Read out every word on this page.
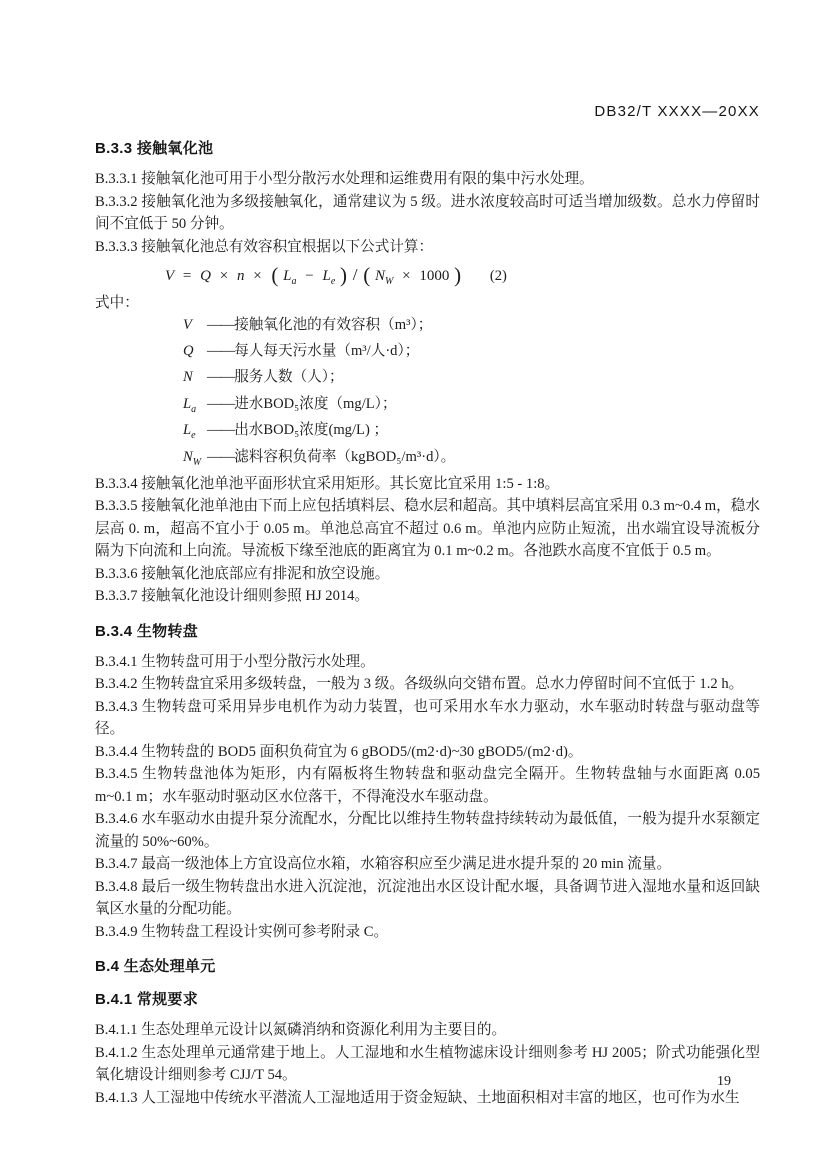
DB32/T XXXX—20XX
B.3.3 接触氧化池

B.3.3.1 接触氧化池可用于小型分散污水处理和运维费用有限的集中污水处理。

B.3.3.2 接触氧化池为多级接触氧化，通常建议为 5 级。进水浓度较高时可适当增加级数。总水力停留时间不宜低于 50 分钟。

B.3.3.3 接触氧化池总有效容积宜根据以下公式计算：

V = Q × n × ( $L_a - L_e$ ) / ( $N_W \times 1000$ ) (2)

式中：

V ——接触氧化池的有效容积（m³）；
Q ——每人每天污水量（m³/人·d）；
N ——服务人数（人）；
$L_a$ ——进水BOD₅浓度（mg/L）；
$L_e$ ——出水BOD₅浓度(mg/L) ；
$N_W$ ——滤料容积负荷率（kgBOD₅/m³·d）。

B.3.3.4 接触氧化池单池平面形状宜采用矩形。其长宽比宜采用 1:5 - 1:8。

B.3.3.5 接触氧化池单池由下而上应包括填料层、稳水层和超高。其中填料层高宜采用 0.3 m~0.4 m，稳水层高 0. m，超高不宜小于 0.05 m。单池总高宜不超过 0.6 m。单池内应防止短流，出水端宜设导流板分隔为下向流和上向流。导流板下缘至池底的距离宜为 0.1 m~0.2 m。各池跌水高度不宜低于 0.5 m。

B.3.3.6 接触氧化池底部应有排泥和放空设施。

B.3.3.7 接触氧化池设计细则参照 HJ 2014。

B.3.4 生物转盘

B.3.4.1 生物转盘可用于小型分散污水处理。

B.3.4.2 生物转盘宜采用多级转盘，一般为 3 级。各级纵向交错布置。总水力停留时间不宜低于 1.2 h。

B.3.4.3 生物转盘可采用异步电机作为动力装置，也可采用水车水力驱动，水车驱动时转盘与驱动盘等径。

B.3.4.4 生物转盘的 BOD5 面积负荷宜为 6 gBOD5/(m2·d)~30 gBOD5/(m2·d)。

B.3.4.5 生物转盘池体为矩形，内有隔板将生物转盘和驱动盘完全隔开。生物转盘轴与水面距离 0.05 m~0.1 m；水车驱动时驱动区水位落干，不得淹没水车驱动盘。

B.3.4.6 水车驱动水由提升泵分流配水，分配比以维持生物转盘持续转动为最低值，一般为提升水泵额定流量的 50%~60%。

B.3.4.7 最高一级池体上方宜设高位水箱，水箱容积应至少满足进水提升泵的 20 min 流量。

B.3.4.8 最后一级生物转盘出水进入沉淀池，沉淀池出水区设计配水堰，具备调节进入湿地水量和返回缺氧区水量的分配功能。

B.3.4.9 生物转盘工程设计实例可参考附录 C。

B.4 生态处理单元
B.4.1 常规要求

B.4.1.1 生态处理单元设计以氮磷消纳和资源化利用为主要目的。

B.4.1.2 生态处理单元通常建于地上。人工湿地和水生植物滤床设计细则参考 HJ 2005；阶式功能强化型氧化塘设计细则参考 CJJ/T 54。

B.4.1.3 人工湿地中传统水平潜流人工湿地适用于资金短缺、土地面积相对丰富的地区，也可作为水生

19
